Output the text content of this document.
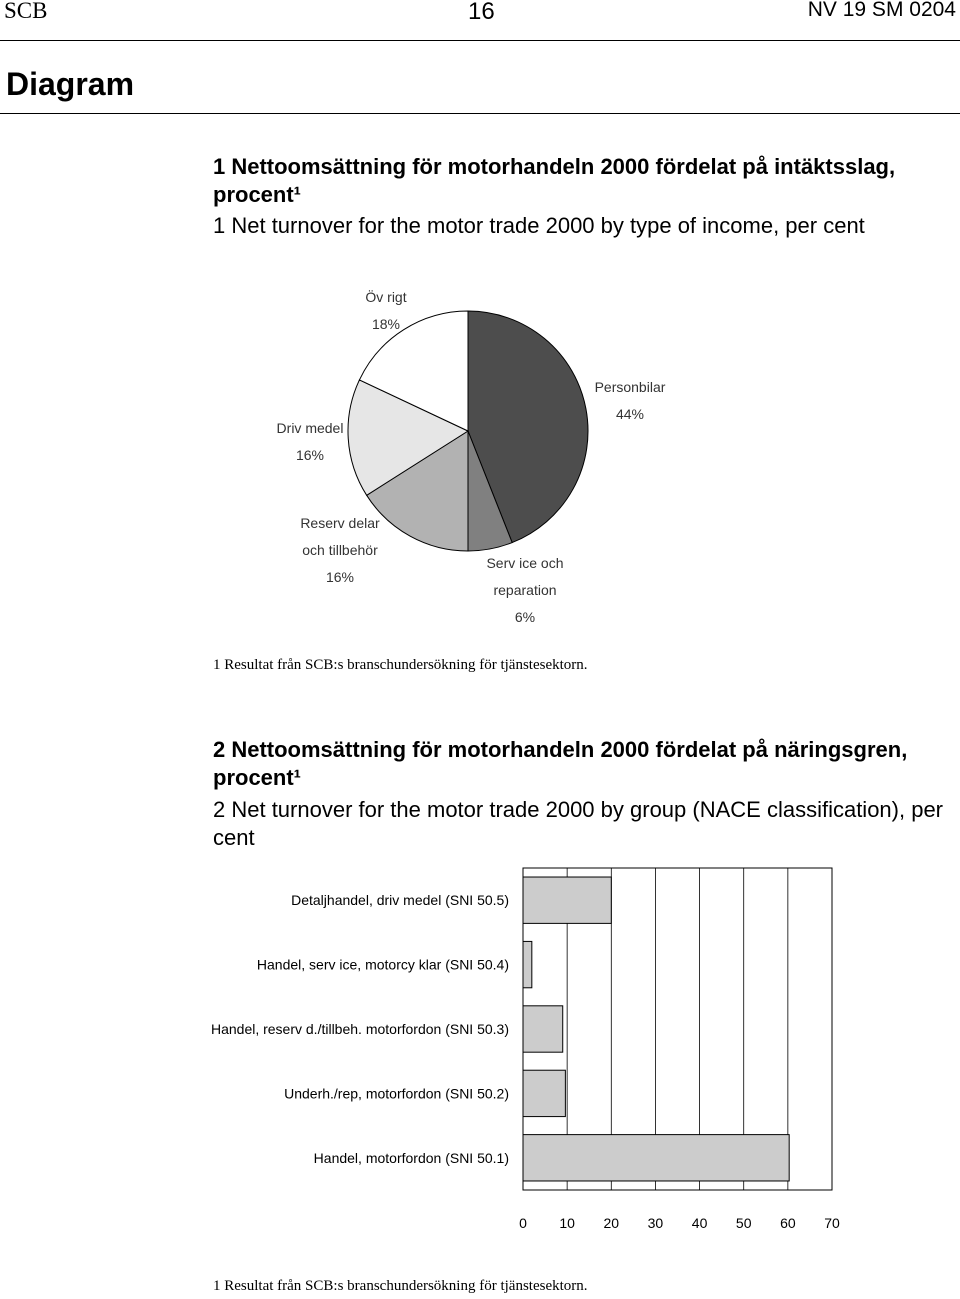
SCB	16	NV 19 SM 0204
Diagram
1 Nettoomsättning för motorhandeln 2000 fördelat på intäktsslag, procent¹
1 Net turnover for the motor trade 2000 by type of income, per cent
2 Nettoomsättning för motorhandeln 2000 fördelat på näringsgren, procent¹
2 Net turnover for the motor trade 2000 by group (NACE classification), per cent
1 Resultat från SCB:s branschundersökning för tjänstesektorn.
1 Resultat från SCB:s branschundersökning för tjänstesektorn.
Personbilar 44%
Serv ice och reparation 6%
Reserv delar och tillbehör 16%
Driv medel 16%
Öv rigt 18%
0 10 20 30 40 50 60 70
Detaljhandel, driv medel (SNI 50.5)
Handel, serv ice, motorcy klar (SNI 50.4)
Handel, reserv d./tillbeh. motorfordon (SNI 50.3)
Underh./rep, motorfordon (SNI 50.2)
Handel, motorfordon (SNI 50.1)
